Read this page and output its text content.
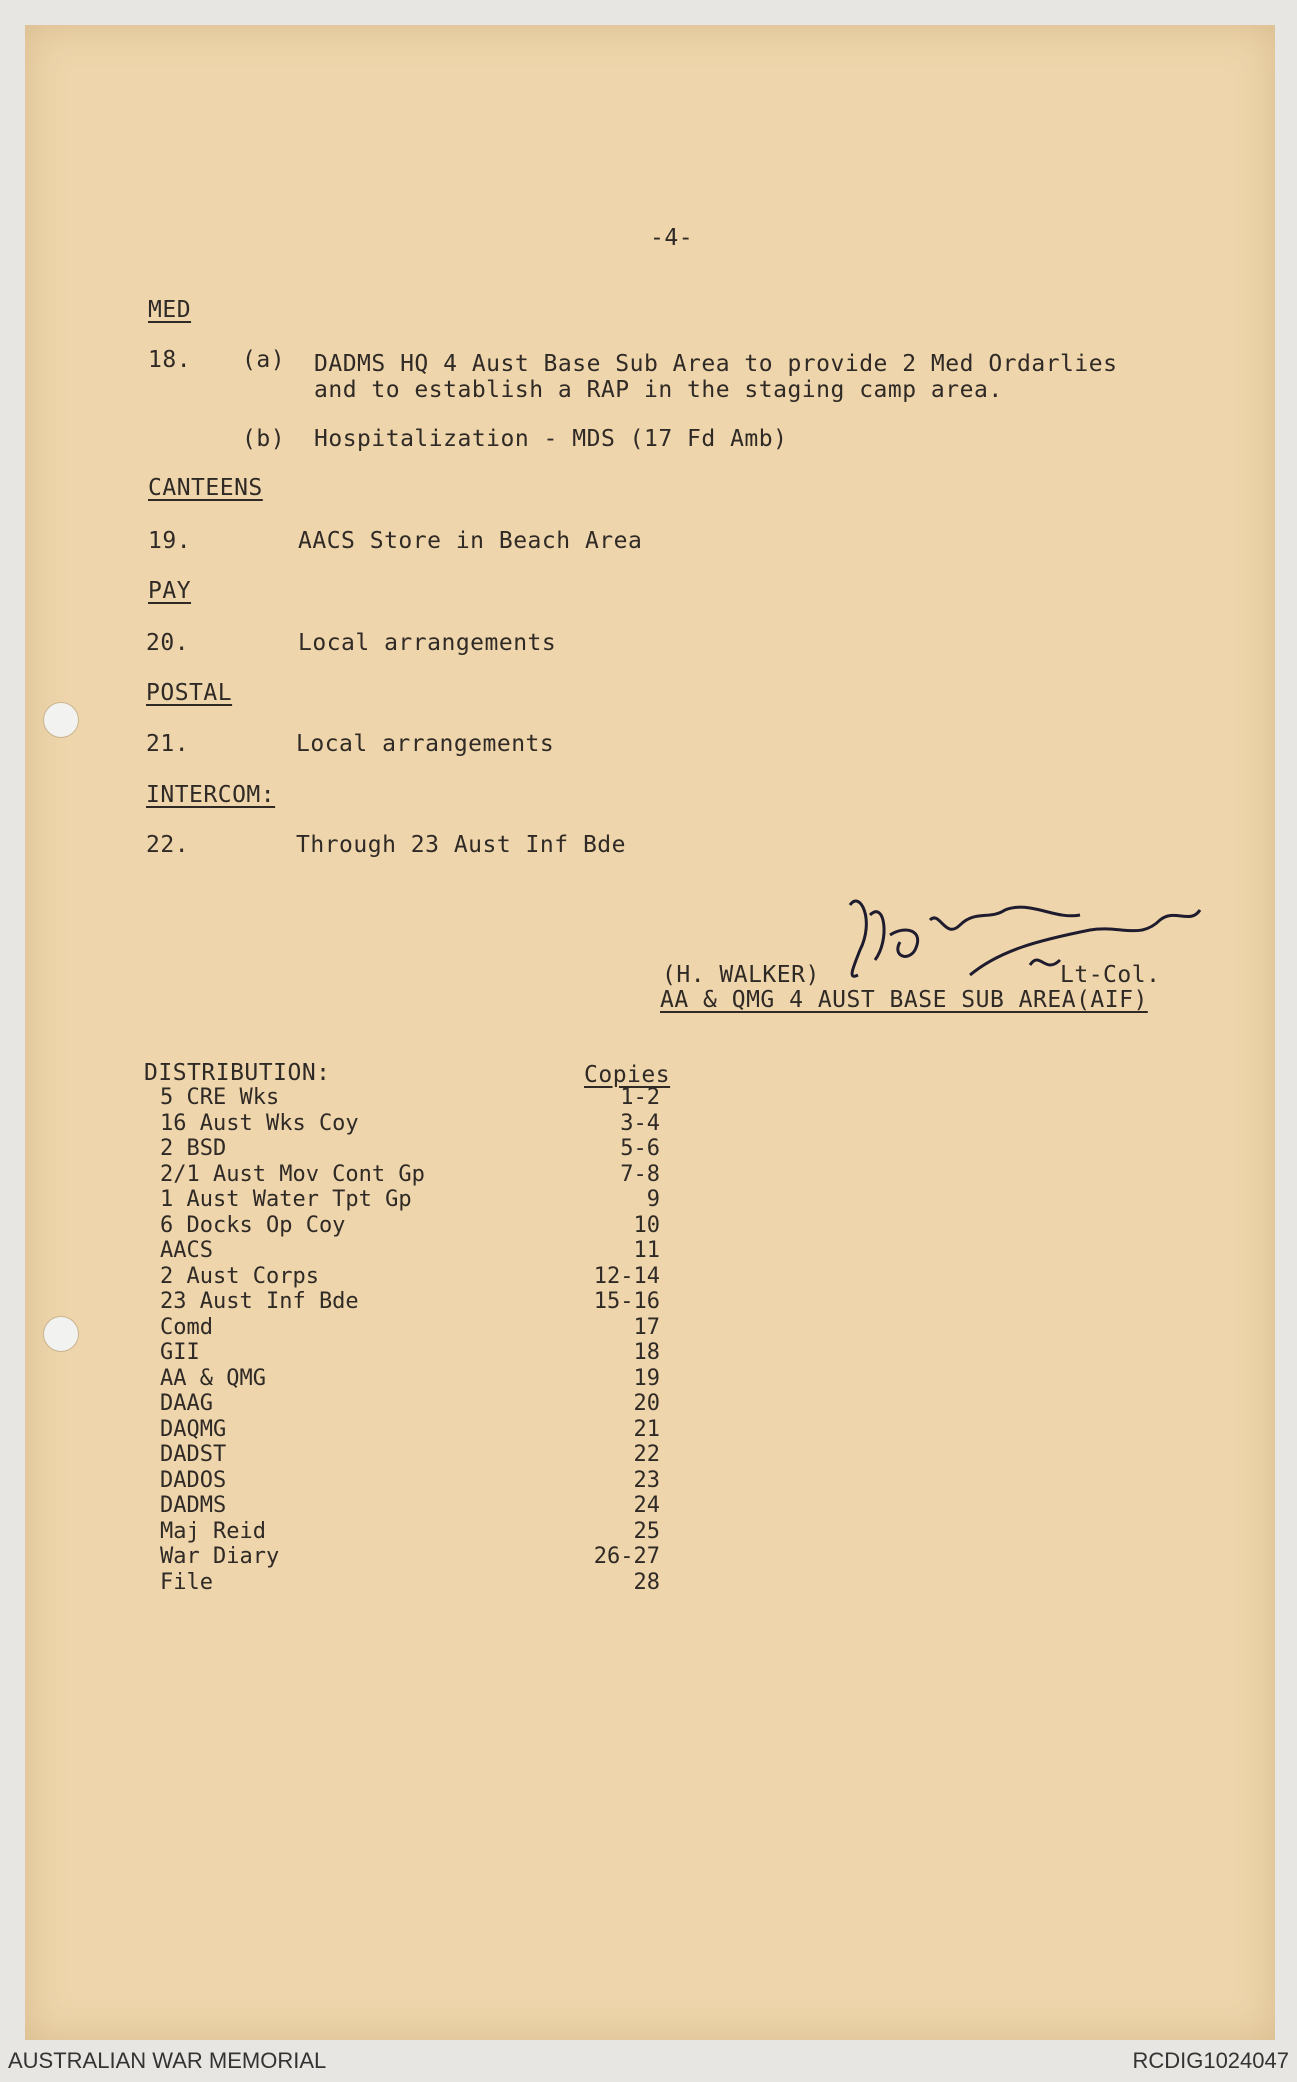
-4-
MED
18. (a) DADMS HQ 4 Aust Base Sub Area to provide 2 Med Ordarlies
and to establish a RAP in the staging camp area.
(b) Hospitalization - MDS (17 Fd Amb)
CANTEENS
19.	AACS Store in Beach Area
PAY
20.	Local arrangements
POSTAL
21.	Local arrangements
INTERCOM:
22.	Through 23 Aust Inf Bde
(H. WALKER)	Lt-Col.
AA & QMG 4 AUST BASE SUB AREA(AIF)
DISTRIBUTION:	Copies
5 CRE Wks	1-2
16 Aust Wks Coy	3-4
2 BSD	5-6
2/1 Aust Mov Cont Gp	7-8
1 Aust Water Tpt Gp	9
6 Docks Op Coy	10
AACS	11
2 Aust Corps	12-14
23 Aust Inf Bde	15-16
Comd	17
GII	18
AA & QMG	19
DAAG	20
DAQMG	21
DADST	22
DADOS	23
DADMS	24
Maj Reid	25
War Diary	26-27
File	28
AUSTRALIAN WAR MEMORIAL	RCDIG1024047
